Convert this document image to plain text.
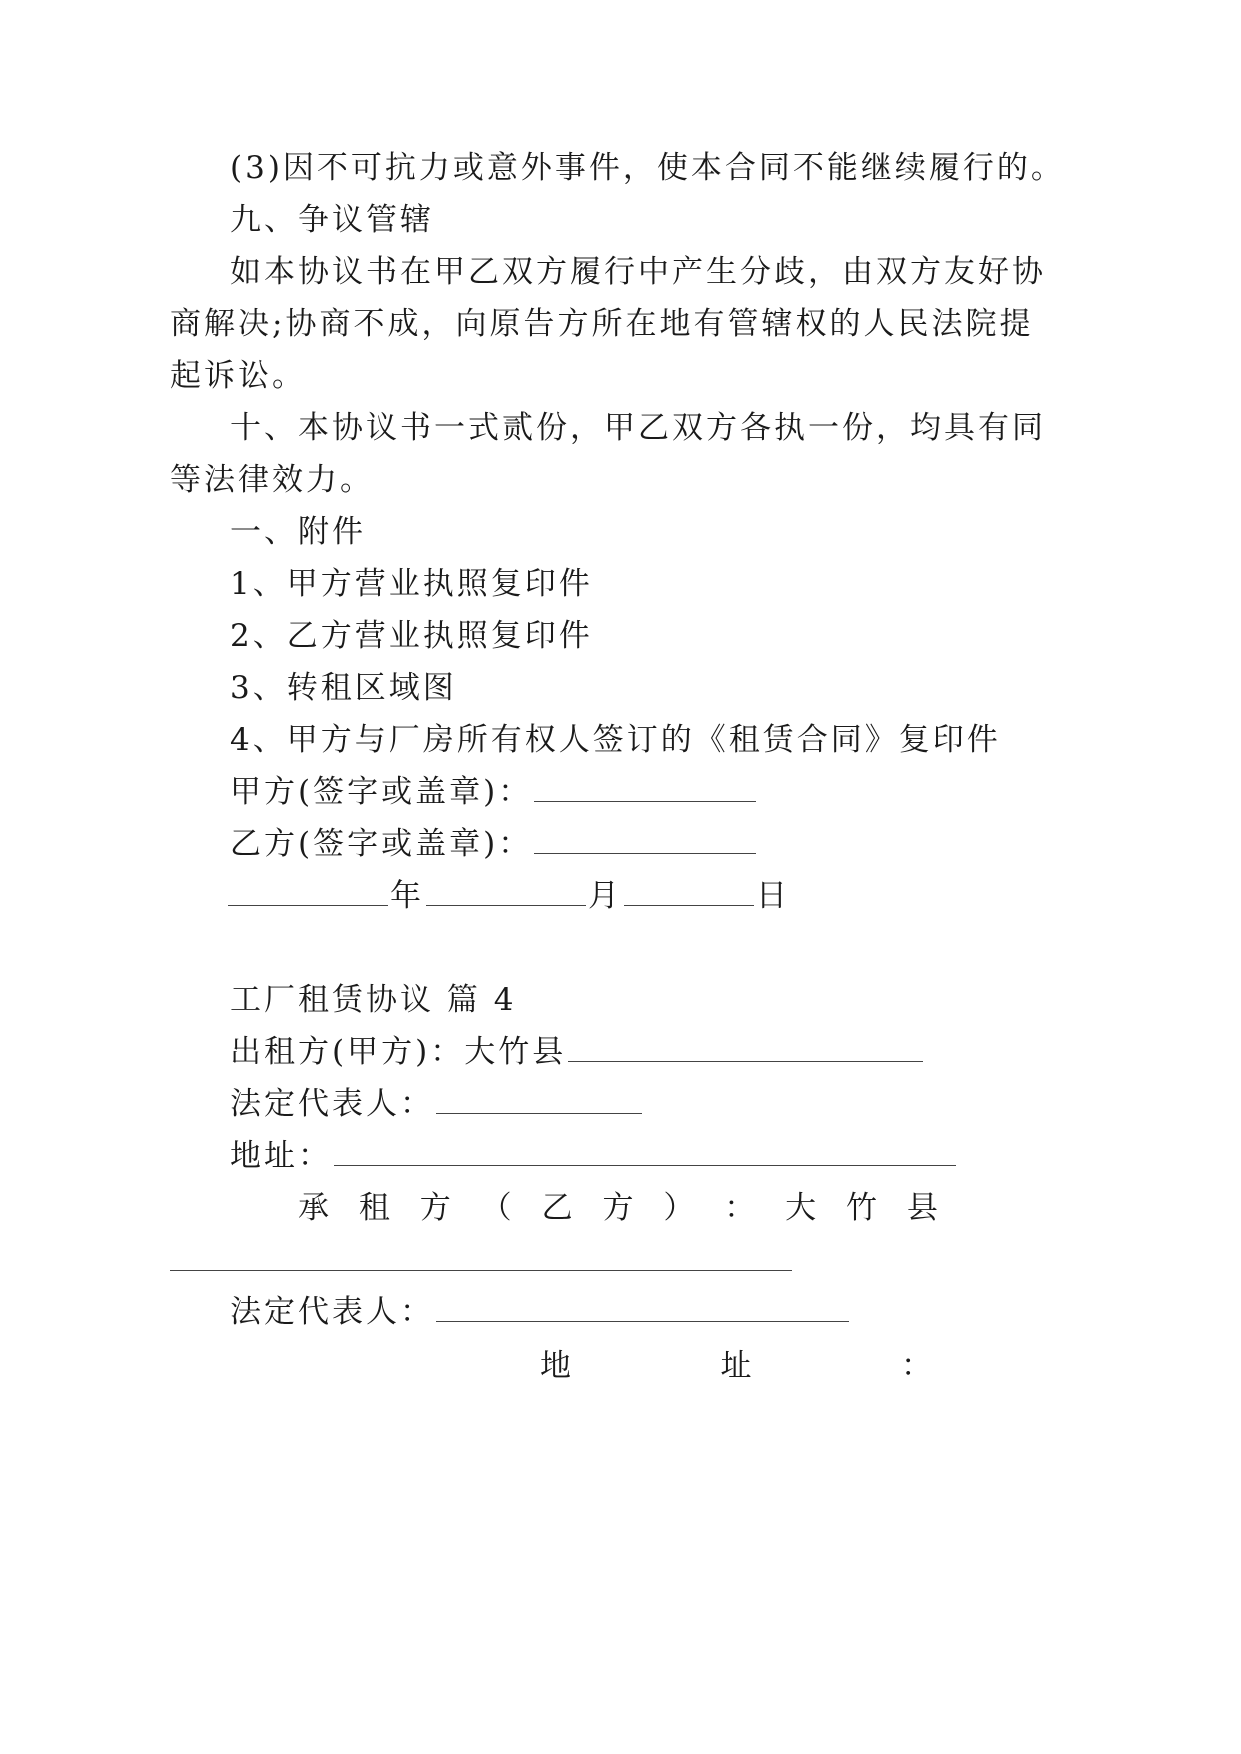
(3)因不可抗力或意外事件，使本合同不能继续履行的。
九、争议管辖
如本协议书在甲乙双方履行中产生分歧，由双方友好协
商解决;协商不成，向原告方所在地有管辖权的人民法院提
起诉讼。
十、本协议书一式贰份，甲乙双方各执一份，均具有同
等法律效力。
一、附件
1、甲方营业执照复印件
2、乙方营业执照复印件
3、转租区域图
4、甲方与厂房所有权人签订的《租赁合同》复印件
甲方(签字或盖章)：
乙方(签字或盖章)：
年	月	日
工厂租赁协议 篇 4
出租方(甲方)：大竹县
法定代表人：
地址：
承 租 方 （ 乙 方 ） ： 大 竹 县
法定代表人：
地	址	：
